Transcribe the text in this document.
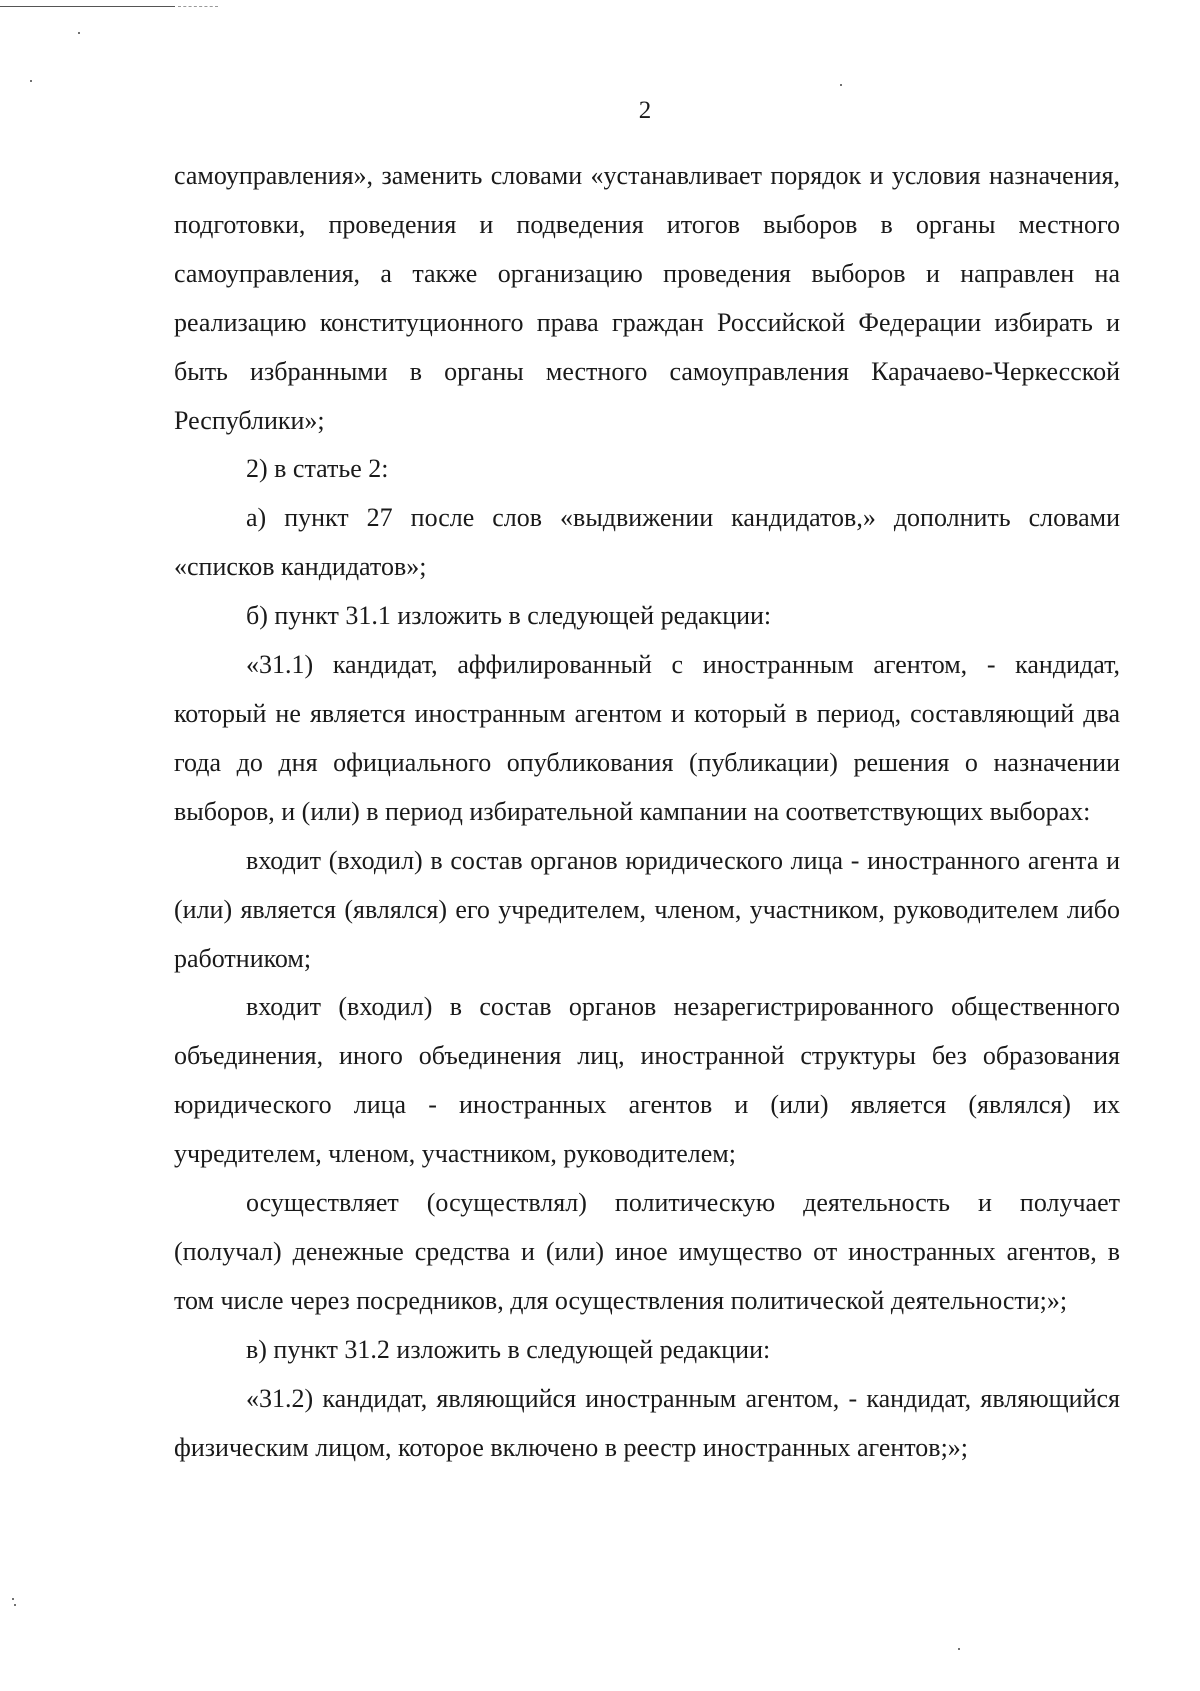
2

самоуправления», заменить словами «устанавливает порядок и условия назначения, подготовки, проведения и подведения итогов выборов в органы местного самоуправления, а также организацию проведения выборов и направлен на реализацию конституционного права граждан Российской Федерации избирать и быть избранными в органы местного самоуправления Карачаево-Черкесской Республики»;

2) в статье 2:

а) пункт 27 после слов «выдвижении кандидатов,» дополнить словами «списков кандидатов»;

б) пункт 31.1 изложить в следующей редакции:

«31.1) кандидат, аффилированный с иностранным агентом, - кандидат, который не является иностранным агентом и который в период, составляющий два года до дня официального опубликования (публикации) решения о назначении выборов, и (или) в период избирательной кампании на соответствующих выборах:

входит (входил) в состав органов юридического лица - иностранного агента и (или) является (являлся) его учредителем, членом, участником, руководителем либо работником;

входит (входил) в состав органов незарегистрированного общественного объединения, иного объединения лиц, иностранной структуры без образования юридического лица - иностранных агентов и (или) является (являлся) их учредителем, членом, участником, руководителем;

осуществляет (осуществлял) политическую деятельность и получает (получал) денежные средства и (или) иное имущество от иностранных агентов, в том числе через посредников, для осуществления политической деятельности;»;

в) пункт 31.2 изложить в следующей редакции:

«31.2) кандидат, являющийся иностранным агентом, - кандидат, являющийся физическим лицом, которое включено в реестр иностранных агентов;»;
